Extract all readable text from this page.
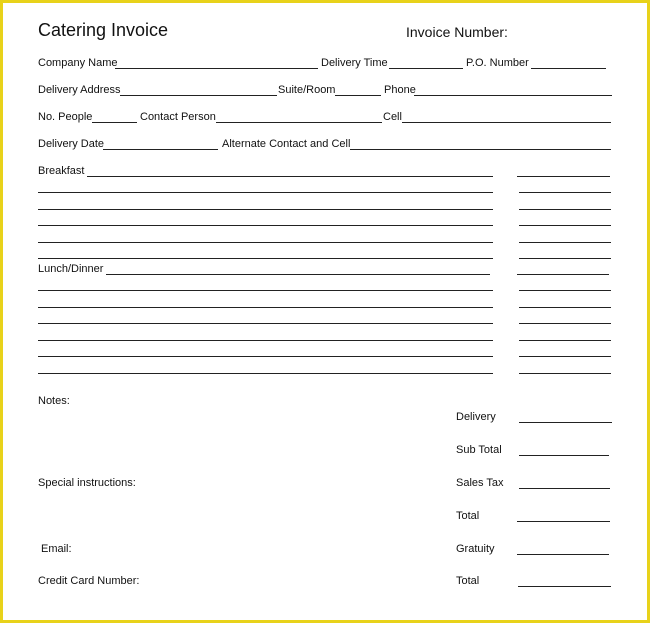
Catering Invoice	Invoice Number:
Company Name	Delivery Time	P.O. Number
Delivery Address	Suite/Room	Phone
No. People	Contact Person	Cell
Delivery Date	Alternate Contact and Cell
Breakfast
Lunch/Dinner
Notes:
Special instructions:
Email:
Credit Card Number:
Delivery
Sub Total
Sales Tax
Total
Gratuity
Total
